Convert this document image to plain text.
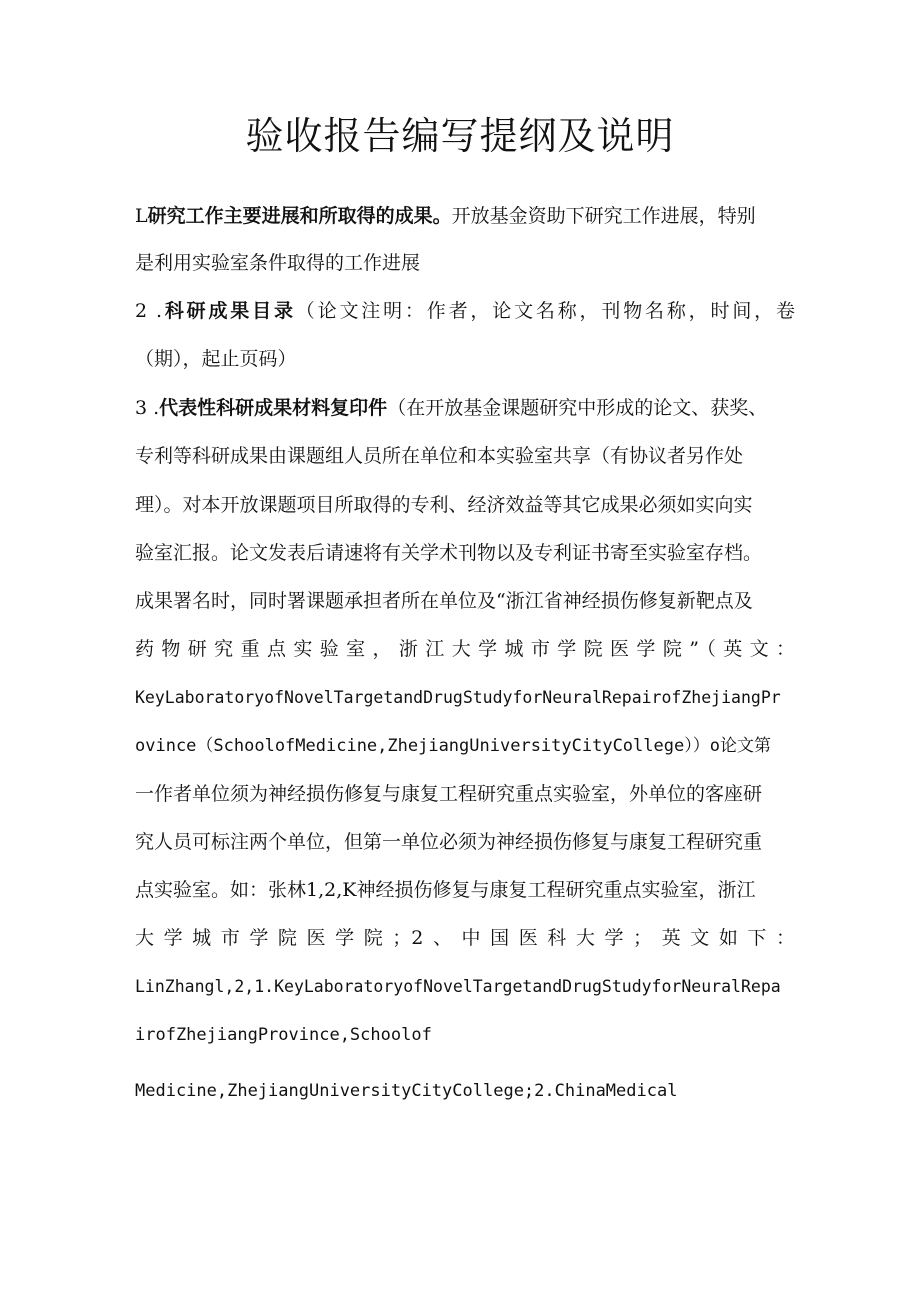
验收报告编写提纲及说明
L研究工作主要进展和所取得的成果。开放基金资助下研究工作进展，特别
是利用实验室条件取得的工作进展
2 .科研成果目录（论文注明：作者，论文名称，刊物名称，时间，卷
（期），起止页码）
3 .代表性科研成果材料复印件（在开放基金课题研究中形成的论文、获奖、
专利等科研成果由课题组人员所在单位和本实验室共享（有协议者另作处
理）。对本开放课题项目所取得的专利、经济效益等其它成果必须如实向实
验室汇报。论文发表后请速将有关学术刊物以及专利证书寄至实验室存档。
成果署名时，同时署课题承担者所在单位及“浙江省神经损伤修复新靶点及
药物研究重点实验室，浙江大学城市学院医学院”（英文：
KeyLaboratoryofNovelTargetandDrugStudyforNeuralRepairofZhejiangPr
ovince（SchoolofMedicine,ZhejiangUniversityCityCollege））o论文第
一作者单位须为神经损伤修复与康复工程研究重点实验室，外单位的客座研
究人员可标注两个单位，但第一单位必须为神经损伤修复与康复工程研究重
点实验室。如：张林1,2,K神经损伤修复与康复工程研究重点实验室，浙江
大学城市学院医学院；2、中国医科大学；英文如下：
LinZhangl,2,1.KeyLaboratoryofNovelTargetandDrugStudyforNeuralRepa
irofZhejiangProvince,Schoolof
Medicine,ZhejiangUniversityCityCollege;2.ChinaMedical
